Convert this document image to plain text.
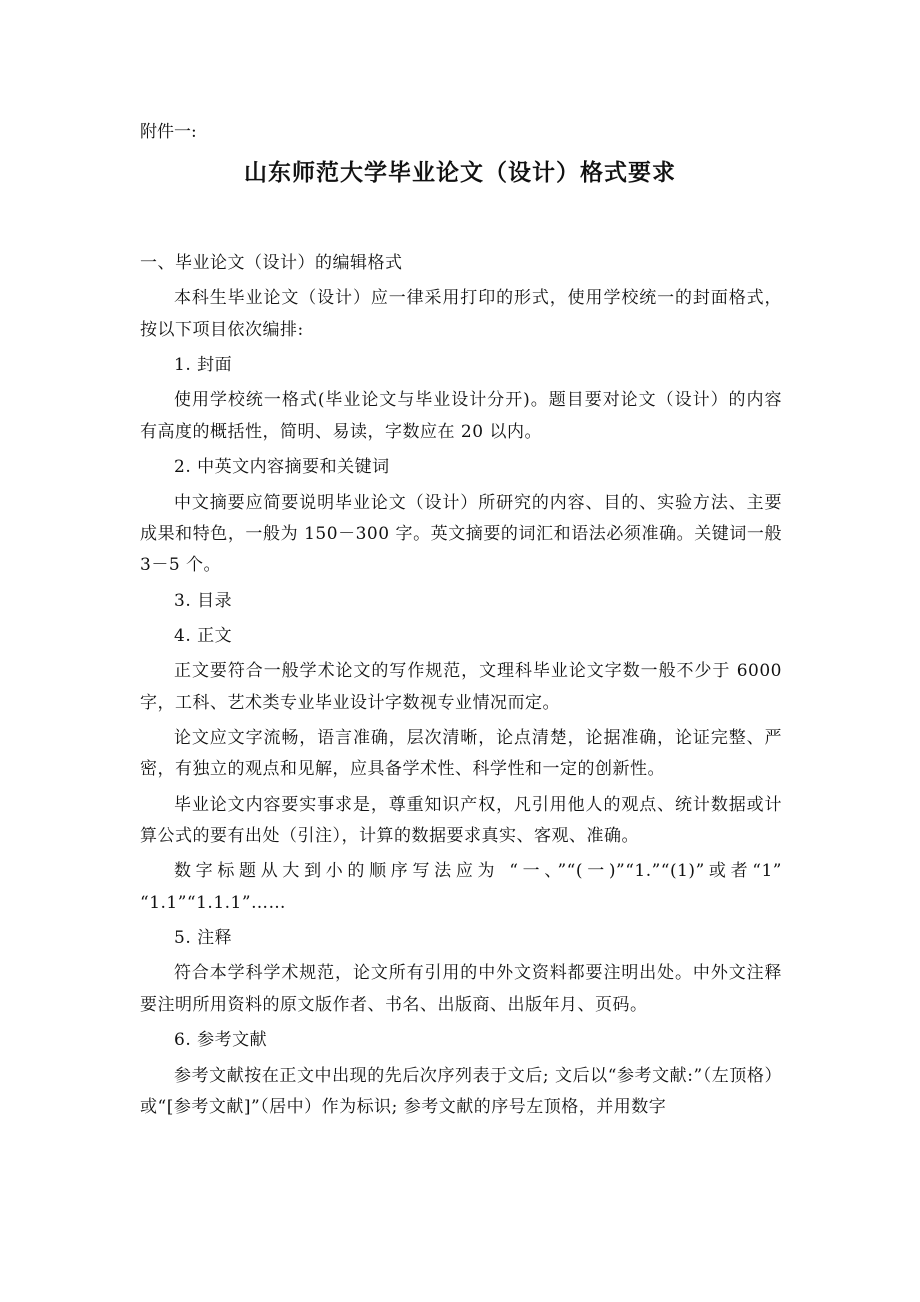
附件一:
山东师范大学毕业论文（设计）格式要求

一、毕业论文（设计）的编辑格式

本科生毕业论文（设计）应一律采用打印的形式，使用学校统一的封面格式，按以下项目依次编排:

1. 封面

使用学校统一格式(毕业论文与毕业设计分开)。题目要对论文（设计）的内容有高度的概括性，简明、易读，字数应在 20 以内。

2. 中英文内容摘要和关键词

中文摘要应简要说明毕业论文（设计）所研究的内容、目的、实验方法、主要成果和特色，一般为 150－300 字。英文摘要的词汇和语法必须准确。关键词一般 3－5 个。

3. 目录

4. 正文

正文要符合一般学术论文的写作规范，文理科毕业论文字数一般不少于 6000 字，工科、艺术类专业毕业设计字数视专业情况而定。

论文应文字流畅，语言准确，层次清晰，论点清楚，论据准确，论证完整、严密，有独立的观点和见解，应具备学术性、科学性和一定的创新性。

毕业论文内容要实事求是，尊重知识产权，凡引用他人的观点、统计数据或计算公式的要有出处（引注），计算的数据要求真实、客观、准确。

数字标题从大到小的顺序写法应为 “一、”“(一)”“1.”“(1)”或者“1” “1.1”“1.1.1”……

5. 注释

符合本学科学术规范，论文所有引用的中外文资料都要注明出处。中外文注释要注明所用资料的原文版作者、书名、出版商、出版年月、页码。

6. 参考文献

参考文献按在正文中出现的先后次序列表于文后; 文后以“参考文献:”（左顶格）或“[参考文献]”（居中）作为标识; 参考文献的序号左顶格，并用数字
